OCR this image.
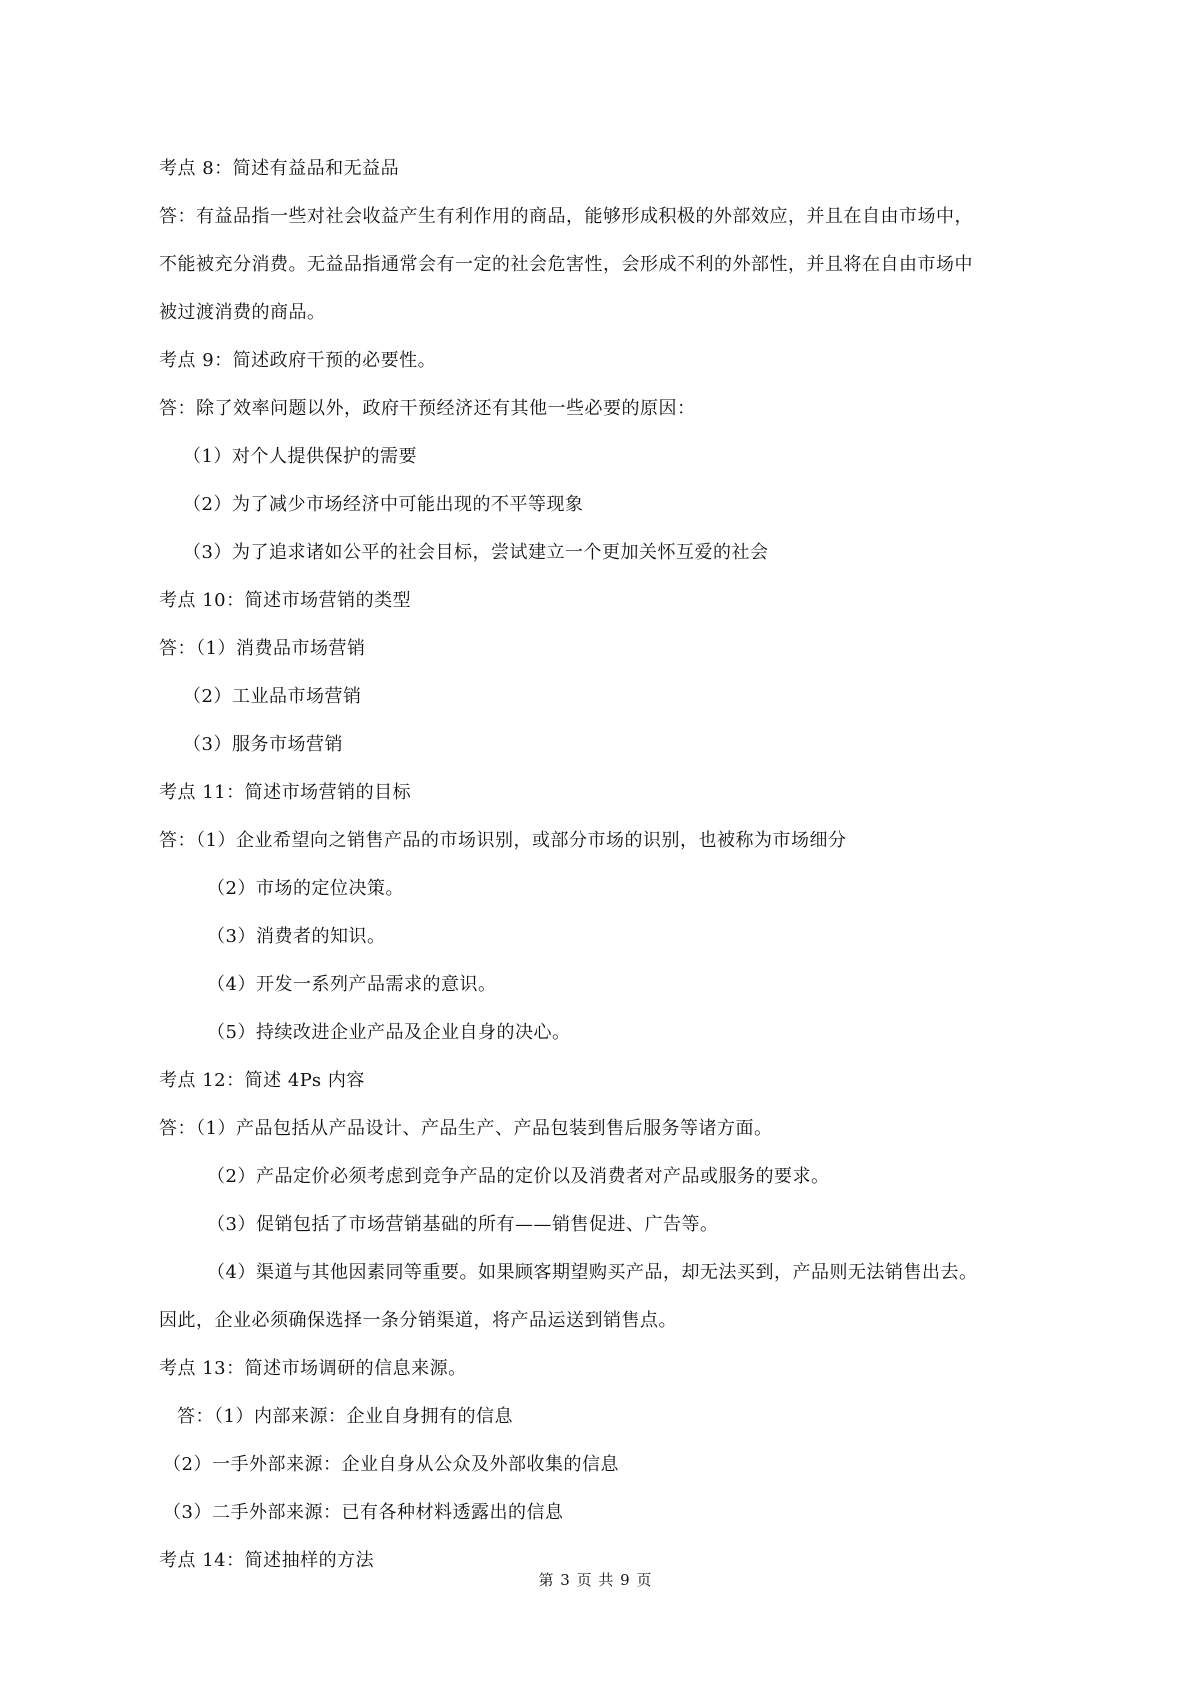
考点 8：简述有益品和无益品
答：有益品指一些对社会收益产生有利作用的商品，能够形成积极的外部效应，并且在自由市场中，
不能被充分消费。无益品指通常会有一定的社会危害性，会形成不利的外部性，并且将在自由市场中
被过渡消费的商品。
考点 9：简述政府干预的必要性。
答：除了效率问题以外，政府干预经济还有其他一些必要的原因：
（1）对个人提供保护的需要
（2）为了减少市场经济中可能出现的不平等现象
（3）为了追求诸如公平的社会目标，尝试建立一个更加关怀互爱的社会
考点 10：简述市场营销的类型
答：（1）消费品市场营销
（2）工业品市场营销
（3）服务市场营销
考点 11：简述市场营销的目标
答：（1）企业希望向之销售产品的市场识别，或部分市场的识别，也被称为市场细分
（2）市场的定位决策。
（3）消费者的知识。
（4）开发一系列产品需求的意识。
（5）持续改进企业产品及企业自身的决心。
考点 12：简述 4Ps 内容
答：（1）产品包括从产品设计、产品生产、产品包装到售后服务等诸方面。
（2）产品定价必须考虑到竞争产品的定价以及消费者对产品或服务的要求。
（3）促销包括了市场营销基础的所有——销售促进、广告等。
（4）渠道与其他因素同等重要。如果顾客期望购买产品，却无法买到，产品则无法销售出去。
因此，企业必须确保选择一条分销渠道，将产品运送到销售点。
考点 13：简述市场调研的信息来源。
答：（1）内部来源：企业自身拥有的信息
（2）一手外部来源：企业自身从公众及外部收集的信息
（3）二手外部来源：已有各种材料透露出的信息
考点 14：简述抽样的方法
第 3 页 共 9 页
